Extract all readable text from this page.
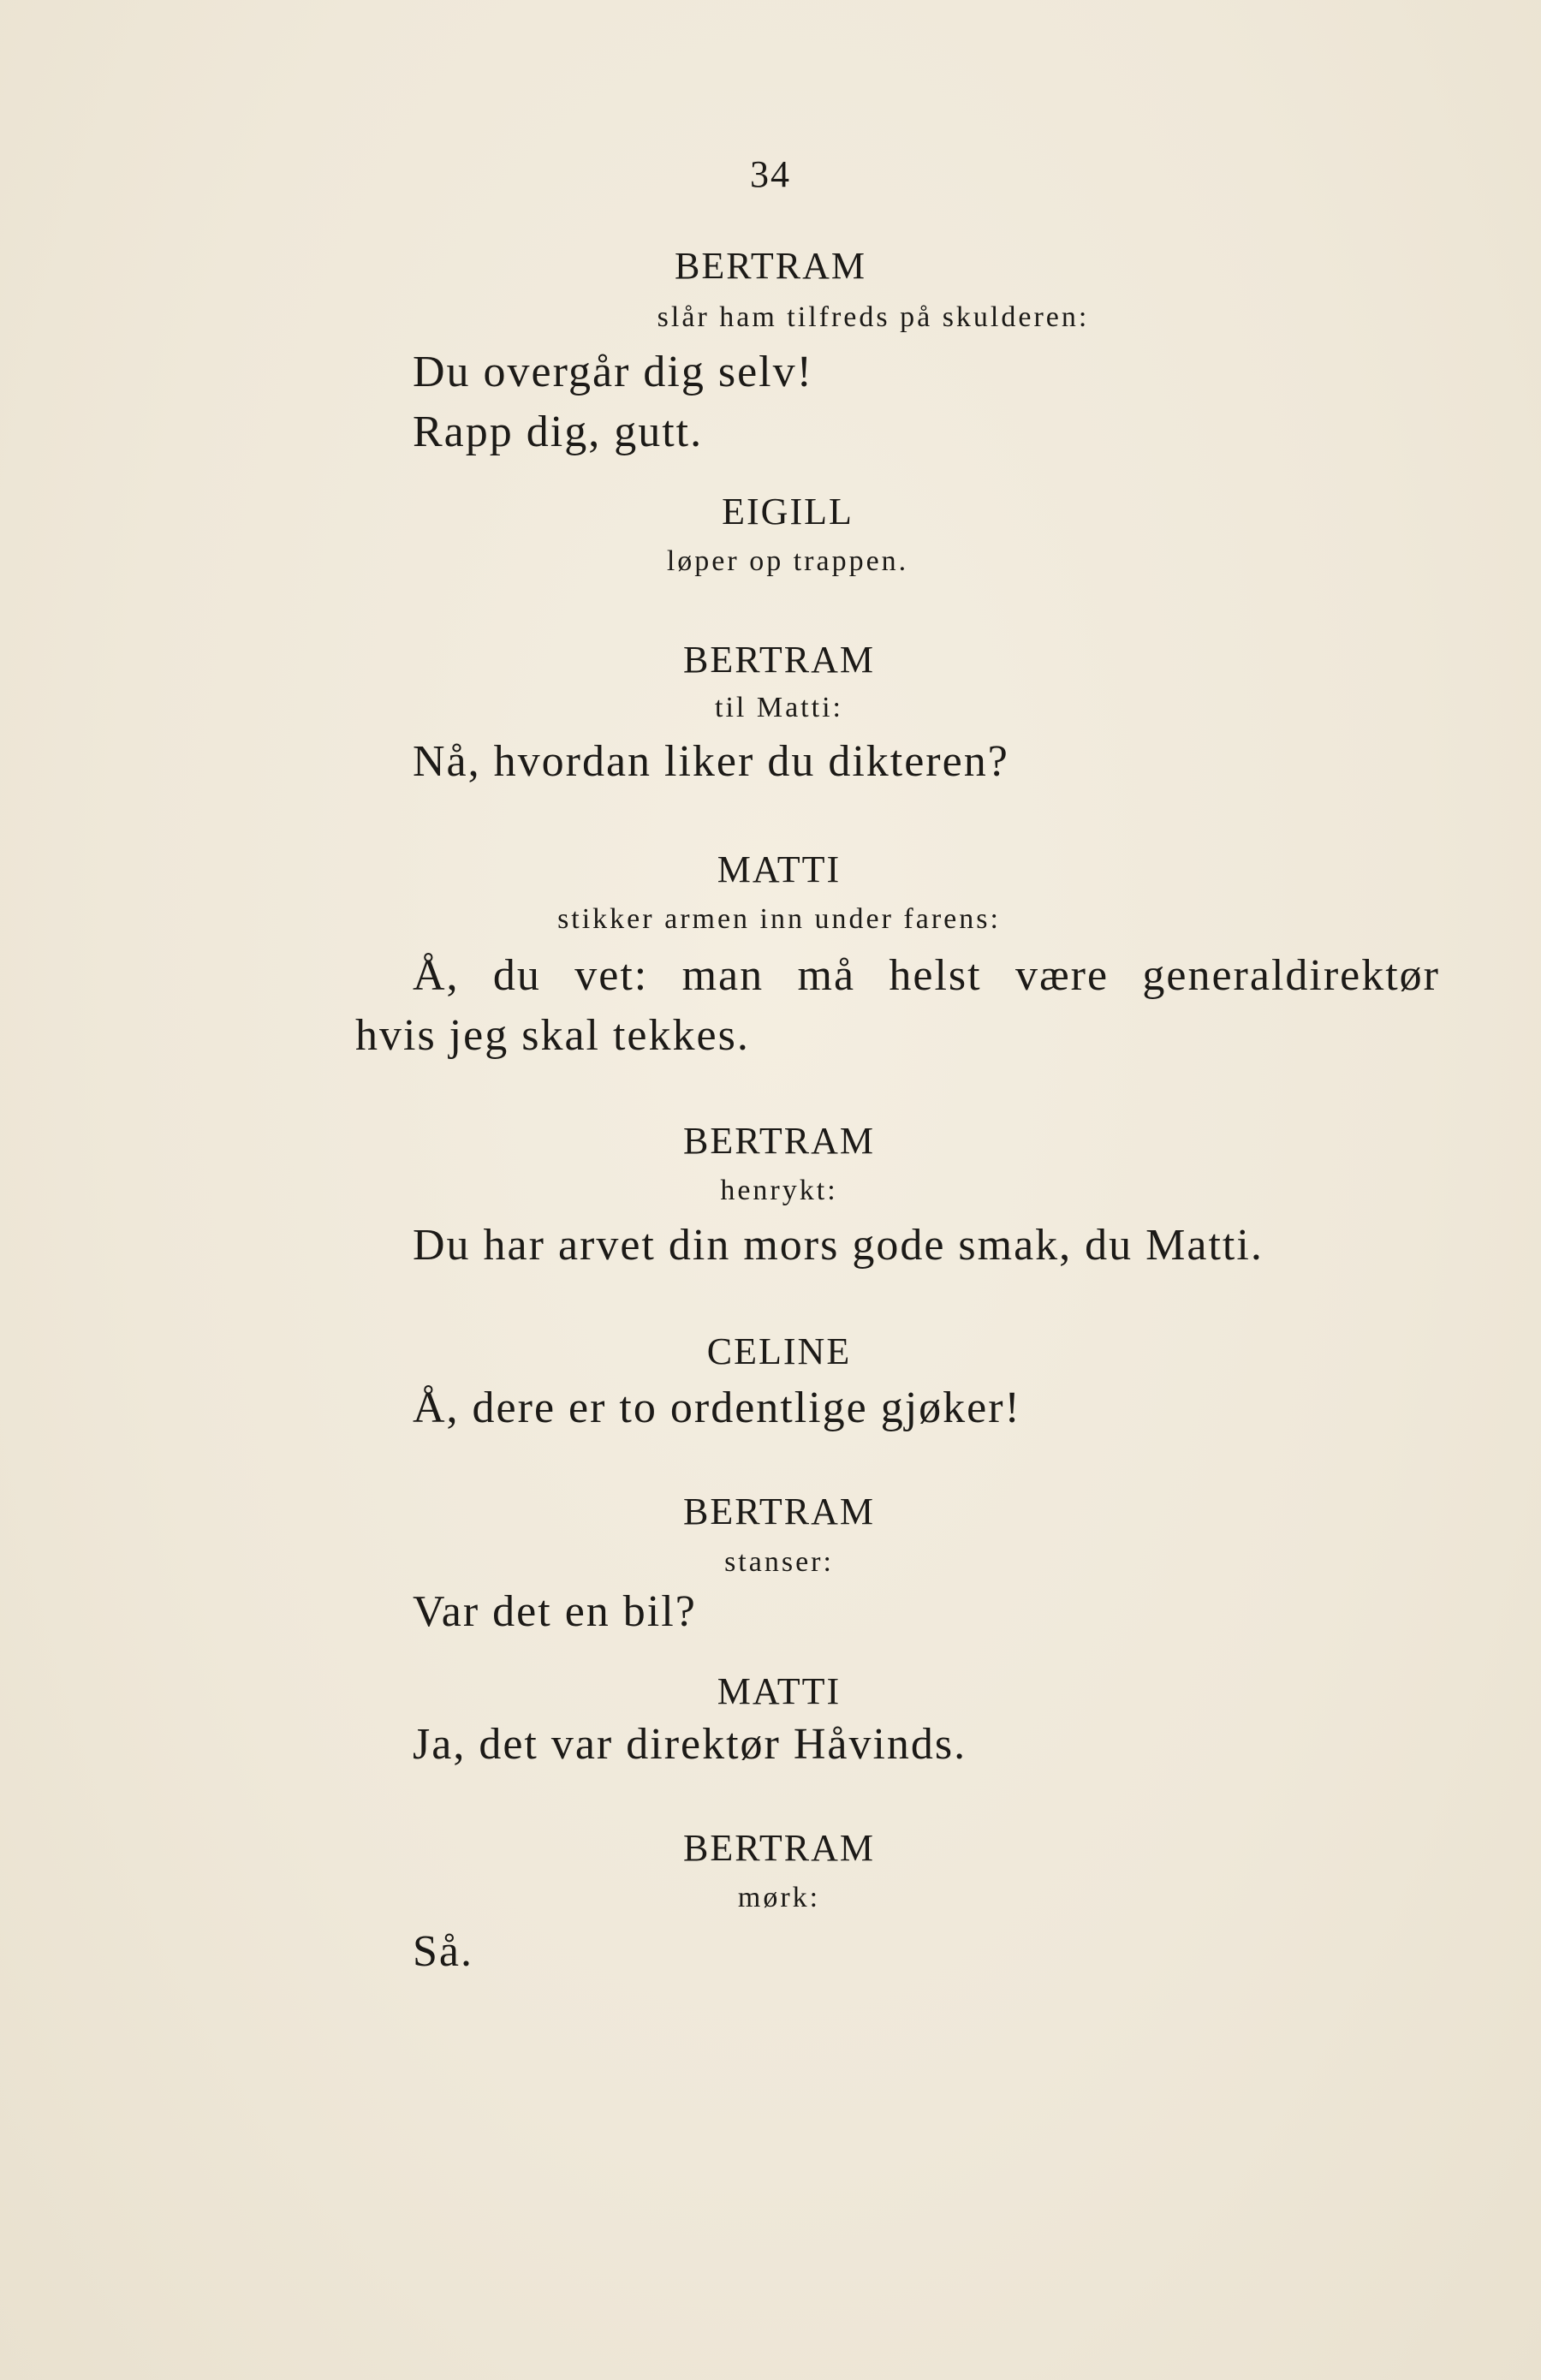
34
BERTRAM
slår ham tilfreds på skulderen:
Du overgår dig selv!
Rapp dig, gutt.
EIGILL
løper op trappen.
BERTRAM
til Matti:
Nå, hvordan liker du dikteren?
MATTI
stikker armen inn under farens:
Å, du vet: man må helst være generaldirektør
hvis jeg skal tekkes.
BERTRAM
henrykt:
Du har arvet din mors gode smak, du Matti.
CELINE
Å, dere er to ordentlige gjøker!
BERTRAM
stanser:
Var det en bil?
MATTI
Ja, det var direktør Håvinds.
BERTRAM
mørk:
Så.
